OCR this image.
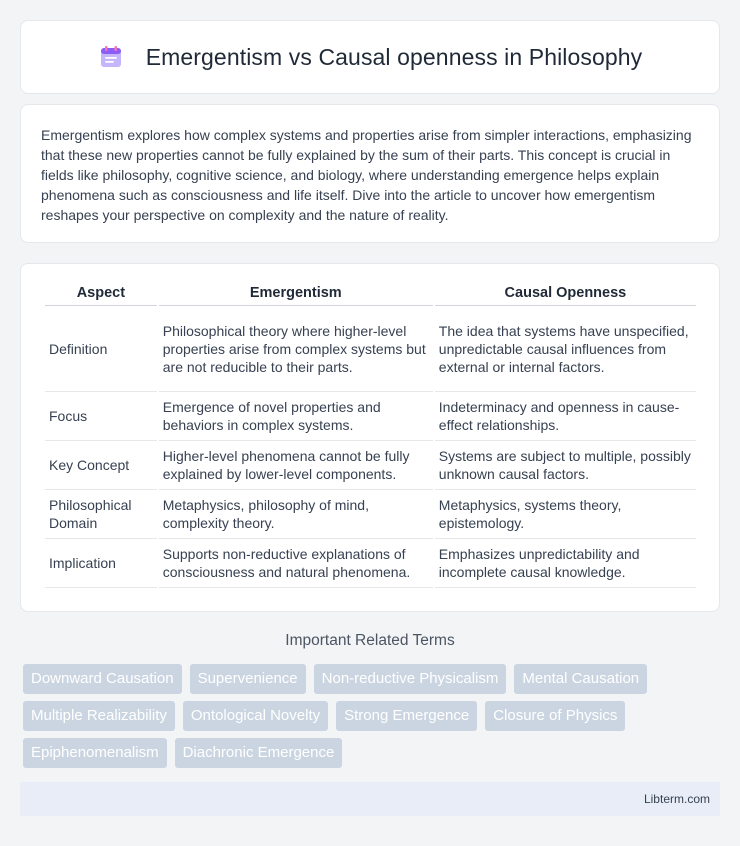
Emergentism vs Causal openness in Philosophy

Emergentism explores how complex systems and properties arise from simpler interactions, emphasizing that these new properties cannot be fully explained by the sum of their parts. This concept is crucial in fields like philosophy, cognitive science, and biology, where understanding emergence helps explain phenomena such as consciousness and life itself. Dive into the article to uncover how emergentism reshapes your perspective on complexity and the nature of reality.

Aspect	Emergentism	Causal Openness
Definition	Philosophical theory where higher-level properties arise from complex systems but are not reducible to their parts.	The idea that systems have unspecified, unpredictable causal influences from external or internal factors.
Focus	Emergence of novel properties and behaviors in complex systems.	Indeterminacy and openness in cause-effect relationships.
Key Concept	Higher-level phenomena cannot be fully explained by lower-level components.	Systems are subject to multiple, possibly unknown causal factors.
Philosophical Domain	Metaphysics, philosophy of mind, complexity theory.	Metaphysics, systems theory, epistemology.
Implication	Supports non-reductive explanations of consciousness and natural phenomena.	Emphasizes unpredictability and incomplete causal knowledge.
Important Related Terms
Downward Causation	Supervenience	Non-reductive Physicalism	Mental Causation
Multiple Realizability	Ontological Novelty	Strong Emergence	Closure of Physics
Epiphenomenalism	Diachronic Emergence
Libterm.com
